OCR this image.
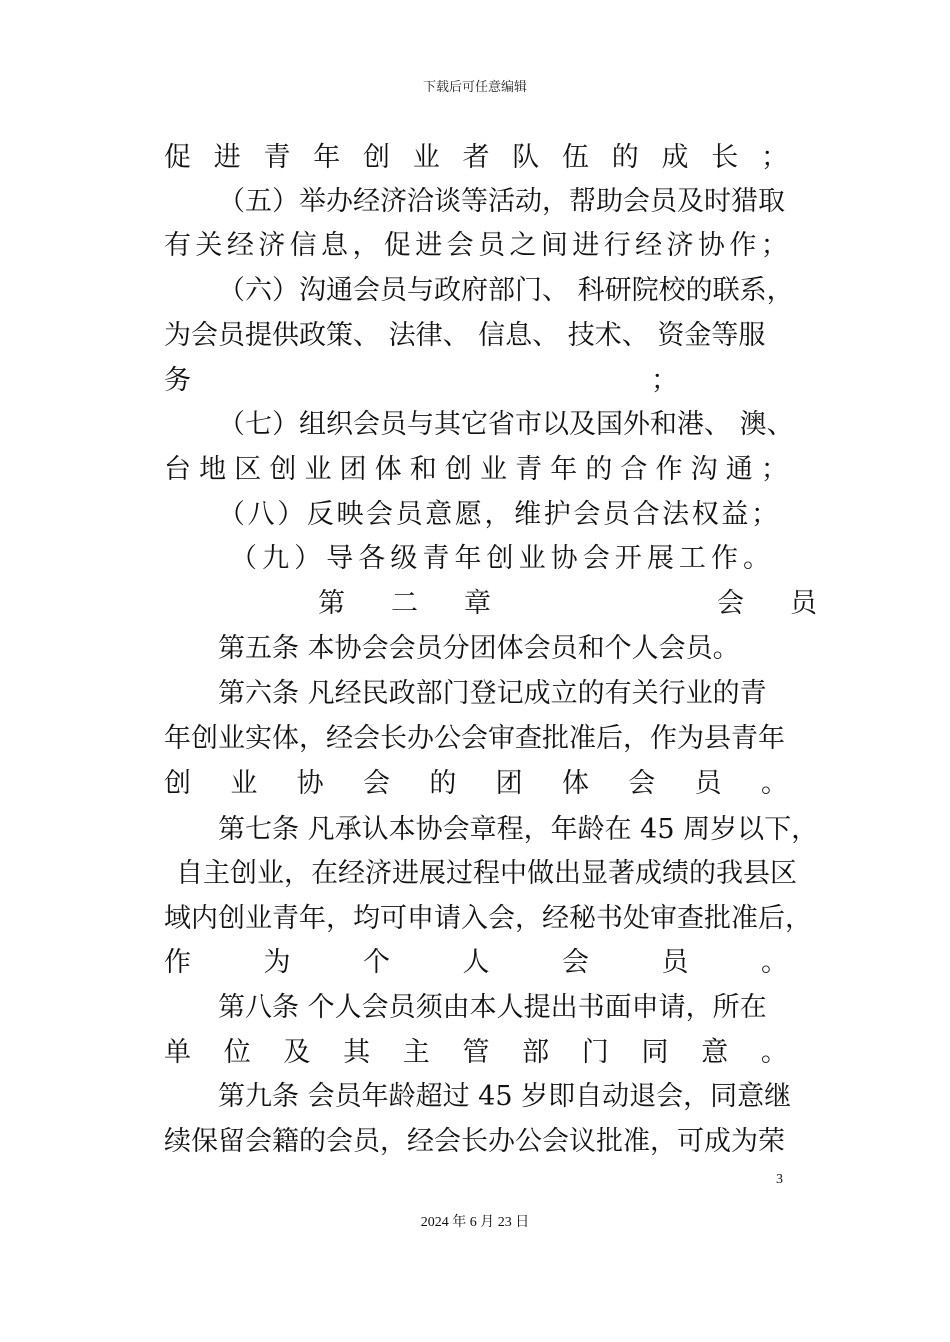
下载后可任意编辑
促 进 青 年 创 业 者 队 伍 的 成 长 ；
（五）举办经济洽谈等活动，帮助会员及时猎取
有 关 经 济 信 息 ， 促 进 会 员 之 间 进 行 经 济 协 作 ；
（六）沟通会员与政府部门、 科研院校的联系，
为会员提供政策、 法律、 信息、 技术、 资金等服
务	；
（七）组织会员与其它省市以及国外和港、 澳、
台 地 区 创 业 团 体 和 创 业 青 年 的 合 作 沟 通 ；
（ 八 ） 反 映 会 员 意 愿 ， 维 护 会 员 合 法 权 益 ；
（ 九 ） 导 各 级 青 年 创 业 协 会 开 展 工 作 。
第二章	会员
第五条 本协会会员分团体会员和个人会员。
第六条 凡经民政部门登记成立的有关行业的青
年创业实体，经会长办公会审查批准后，作为县青年
创 业 协 会 的 团 体 会 员 。
第七条 凡承认本协会章程，年龄在 45 周岁以下，
自主创业，在经济进展过程中做出显著成绩的我县区
域内创业青年，均可申请入会，经秘书处审查批准后，
作	为	个	人	会	员	。
第八条 个人会员须由本人提出书面申请，所在
单 位 及 其 主 管 部 门 同 意 。
第九条 会员年龄超过 45 岁即自动退会，同意继
续保留会籍的会员，经会长办公会议批准，可成为荣
3
2024 年 6 月 23 日
